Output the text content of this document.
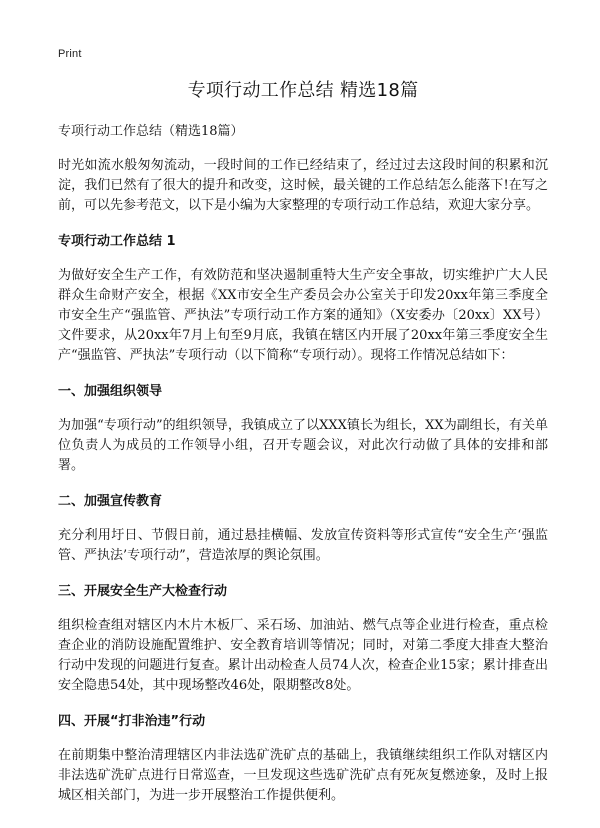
Print
专项行动工作总结 精选18篇
专项行动工作总结（精选18篇）

时光如流水般匆匆流动，一段时间的工作已经结束了，经过过去这段时间的积累和沉淀，我们已然有了很大的提升和改变，这时候，最关键的工作总结怎么能落下!在写之前，可以先参考范文，以下是小编为大家整理的专项行动工作总结，欢迎大家分享。

专项行动工作总结 1

为做好安全生产工作，有效防范和坚决遏制重特大生产安全事故，切实维护广大人民群众生命财产安全，根据《XX市安全生产委员会办公室关于印发20xx年第三季度全市安全生产“强监管、严执法”专项行动工作方案的通知》（X安委办〔20xx〕XX号）文件要求，从20xx年7月上旬至9月底，我镇在辖区内开展了20xx年第三季度安全生产“强监管、严执法”专项行动（以下简称“专项行动）。现将工作情况总结如下：

一、加强组织领导

为加强“专项行动”的组织领导，我镇成立了以XXX镇长为组长，XX为副组长，有关单位负责人为成员的工作领导小组，召开专题会议，对此次行动做了具体的安排和部署。

二、加强宣传教育

充分利用圩日、节假日前，通过悬挂横幅、发放宣传资料等形式宣传“安全生产‘强监管、严执法’专项行动”，营造浓厚的舆论氛围。

三、开展安全生产大检查行动

组织检查组对辖区内木片木板厂、采石场、加油站、燃气点等企业进行检查，重点检查企业的消防设施配置维护、安全教育培训等情况；同时，对第二季度大排查大整治行动中发现的问题进行复查。累计出动检查人员74人次，检查企业15家；累计排查出安全隐患54处，其中现场整改46处，限期整改8处。

四、开展“打非治违”行动

在前期集中整治清理辖区内非法选矿洗矿点的基础上，我镇继续组织工作队对辖区内非法选矿洗矿点进行日常巡查，一旦发现这些选矿洗矿点有死灰复燃迹象，及时上报城区相关部门，为进一步开展整治工作提供便利。
